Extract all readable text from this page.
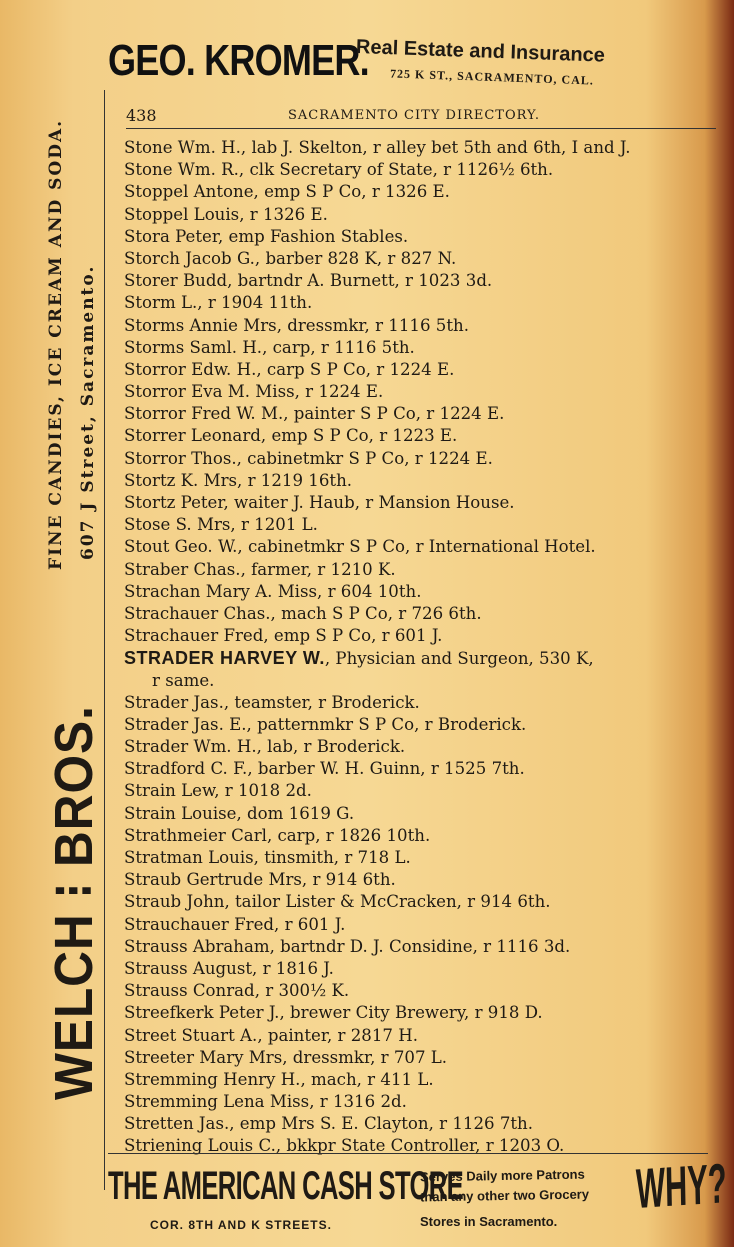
GEO. KROMER.
Real Estate and Insurance
725 K ST., SACRAMENTO, CAL.
WELCH ⁝ BROS.
FINE CANDIES, ICE CREAM AND SODA. 607 J Street, Sacramento.
438	SACRAMENTO CITY DIRECTORY.
Stone Wm. H., lab J. Skelton, r alley bet 5th and 6th, I and J.
Stone Wm. R., clk Secretary of State, r 1126½ 6th.
Stoppel Antone, emp S P Co, r 1326 E.
Stoppel Louis, r 1326 E.
Stora Peter, emp Fashion Stables.
Storch Jacob G., barber 828 K, r 827 N.
Storer Budd, bartndr A. Burnett, r 1023 3d.
Storm L., r 1904 11th.
Storms Annie Mrs, dressmkr, r 1116 5th.
Storms Saml. H., carp, r 1116 5th.
Storror Edw. H., carp S P Co, r 1224 E.
Storror Eva M. Miss, r 1224 E.
Storror Fred W. M., painter S P Co, r 1224 E.
Storrer Leonard, emp S P Co, r 1223 E.
Storror Thos., cabinetmkr S P Co, r 1224 E.
Stortz K. Mrs, r 1219 16th.
Stortz Peter, waiter J. Haub, r Mansion House.
Stose S. Mrs, r 1201 L.
Stout Geo. W., cabinetmkr S P Co, r International Hotel.
Straber Chas., farmer, r 1210 K.
Strachan Mary A. Miss, r 604 10th.
Strachauer Chas., mach S P Co, r 726 6th.
Strachauer Fred, emp S P Co, r 601 J.
STRADER HARVEY W., Physician and Surgeon, 530 K,
r same.
Strader Jas., teamster, r Broderick.
Strader Jas. E., patternmkr S P Co, r Broderick.
Strader Wm. H., lab, r Broderick.
Stradford C. F., barber W. H. Guinn, r 1525 7th.
Strain Lew, r 1018 2d.
Strain Louise, dom 1619 G.
Strathmeier Carl, carp, r 1826 10th.
Stratman Louis, tinsmith, r 718 L.
Straub Gertrude Mrs, r 914 6th.
Straub John, tailor Lister & McCracken, r 914 6th.
Strauchauer Fred, r 601 J.
Strauss Abraham, bartndr D. J. Considine, r 1116 3d.
Strauss August, r 1816 J.
Strauss Conrad, r 300½ K.
Streefkerk Peter J., brewer City Brewery, r 918 D.
Street Stuart A., painter, r 2817 H.
Streeter Mary Mrs, dressmkr, r 707 L.
Stremming Henry H., mach, r 411 L.
Stremming Lena Miss, r 1316 2d.
Stretten Jas., emp Mrs S. E. Clayton, r 1126 7th.
Striening Louis C., bkkpr State Controller, r 1203 O.
THE AMERICAN CASH STORE
Serves Daily more Patrons
than any other two Grocery WHY?
COR. 8TH AND K STREETS.	Stores in Sacramento.
